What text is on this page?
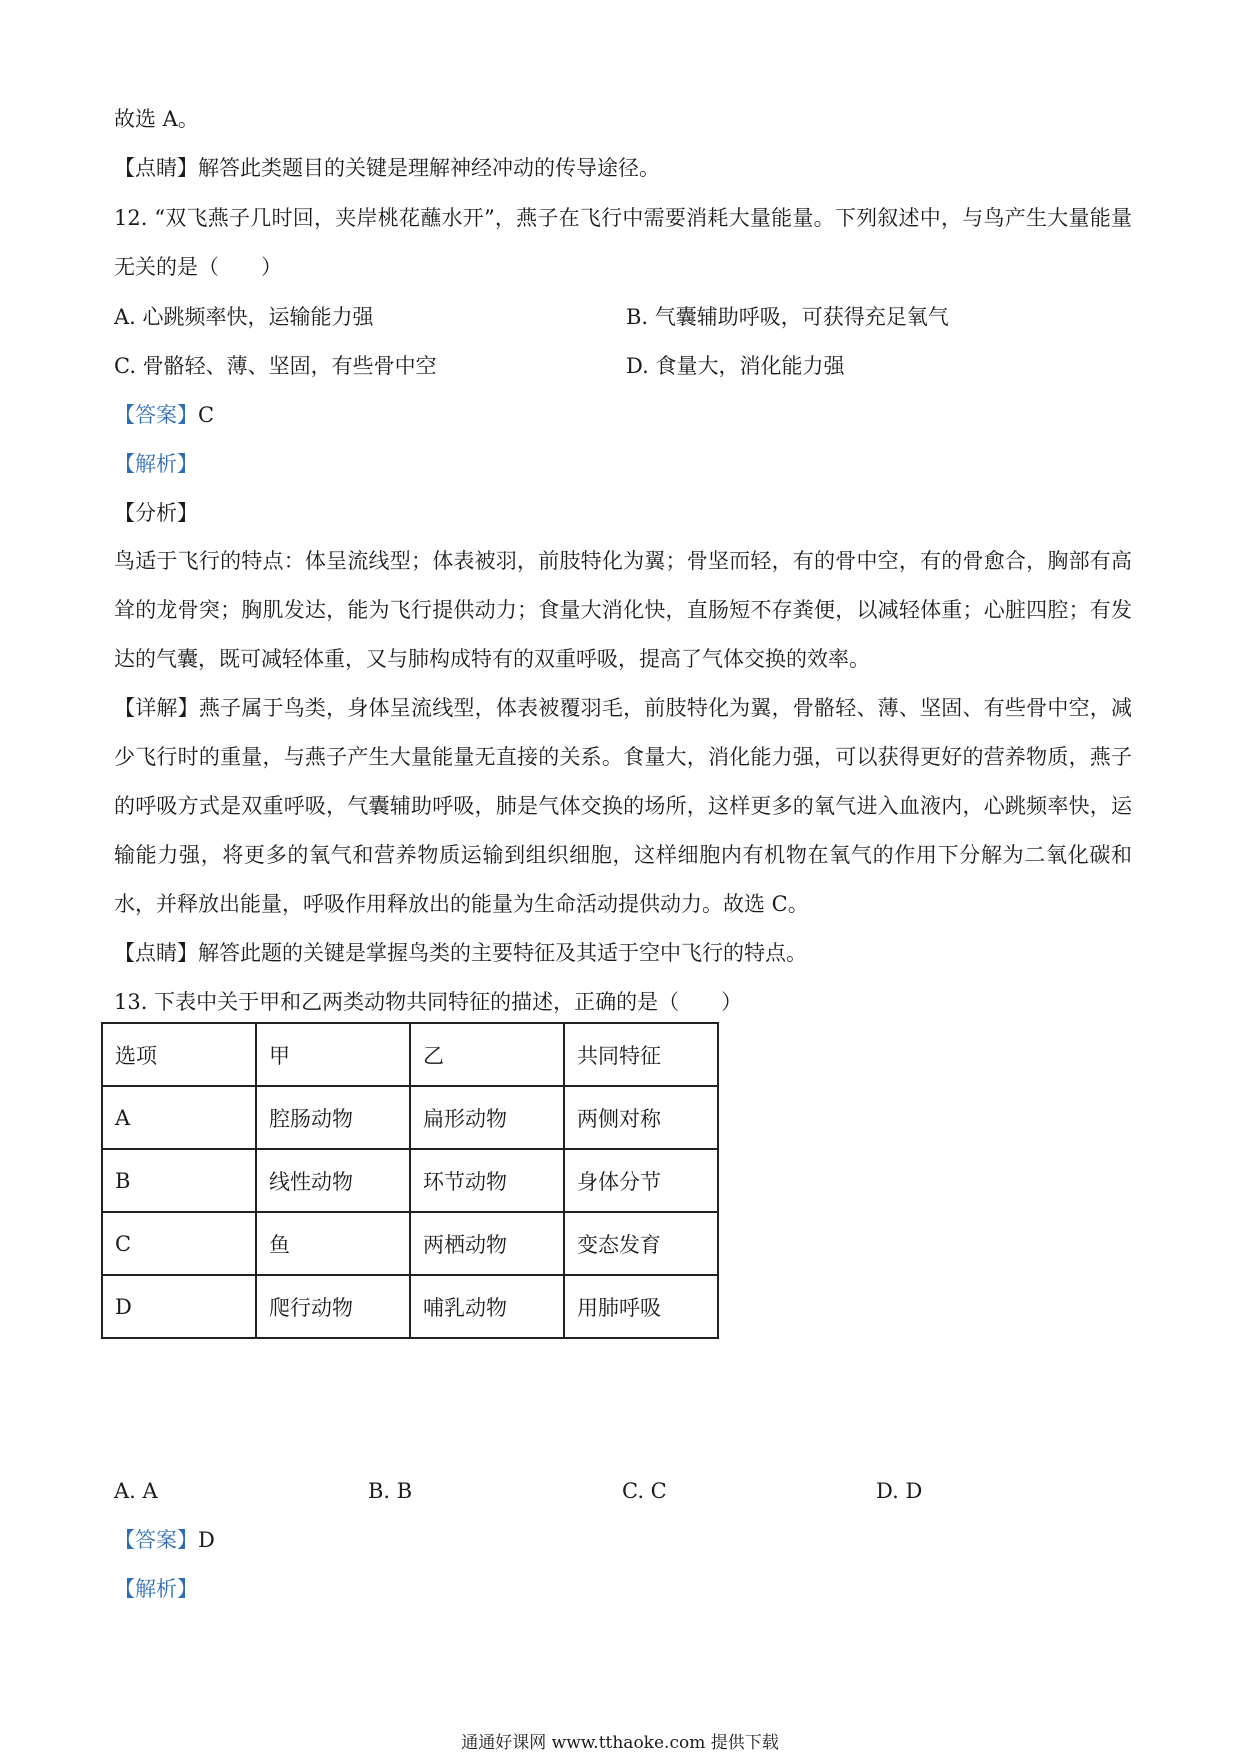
故选 A。
【点睛】解答此类题目的关键是理解神经冲动的传导途径。
12. “双飞燕子几时回，夹岸桃花蘸水开”，燕子在飞行中需要消耗大量能量。下列叙述中，与鸟产生大量能量无关的是（　　）
A. 心跳频率快，运输能力强	B. 气囊辅助呼吸，可获得充足氧气
C. 骨骼轻、薄、坚固，有些骨中空	D. 食量大，消化能力强
【答案】C
【解析】
【分析】
鸟适于飞行的特点：体呈流线型；体表被羽，前肢特化为翼；骨坚而轻，有的骨中空，有的骨愈合，胸部有高耸的龙骨突；胸肌发达，能为飞行提供动力；食量大消化快，直肠短不存粪便，以减轻体重；心脏四腔；有发达的气囊，既可减轻体重，又与肺构成特有的双重呼吸，提高了气体交换的效率。
【详解】燕子属于鸟类，身体呈流线型，体表被覆羽毛，前肢特化为翼，骨骼轻、薄、坚固、有些骨中空，减少飞行时的重量，与燕子产生大量能量无直接的关系。食量大，消化能力强，可以获得更好的营养物质，燕子的呼吸方式是双重呼吸，气囊辅助呼吸，肺是气体交换的场所，这样更多的氧气进入血液内，心跳频率快，运输能力强，将更多的氧气和营养物质运输到组织细胞，这样细胞内有机物在氧气的作用下分解为二氧化碳和水，并释放出能量，呼吸作用释放出的能量为生命活动提供动力。故选 C。
【点睛】解答此题的关键是掌握鸟类的主要特征及其适于空中飞行的特点。
13. 下表中关于甲和乙两类动物共同特征的描述，正确的是（　　）
选项	甲	乙	共同特征
A	腔肠动物	扁形动物	两侧对称
B	线性动物	环节动物	身体分节
C	鱼	两栖动物	变态发育
D	爬行动物	哺乳动物	用肺呼吸
A. A	B. B	C. C	D. D
【答案】D
【解析】
通通好课网 www.tthaoke.com 提供下载
